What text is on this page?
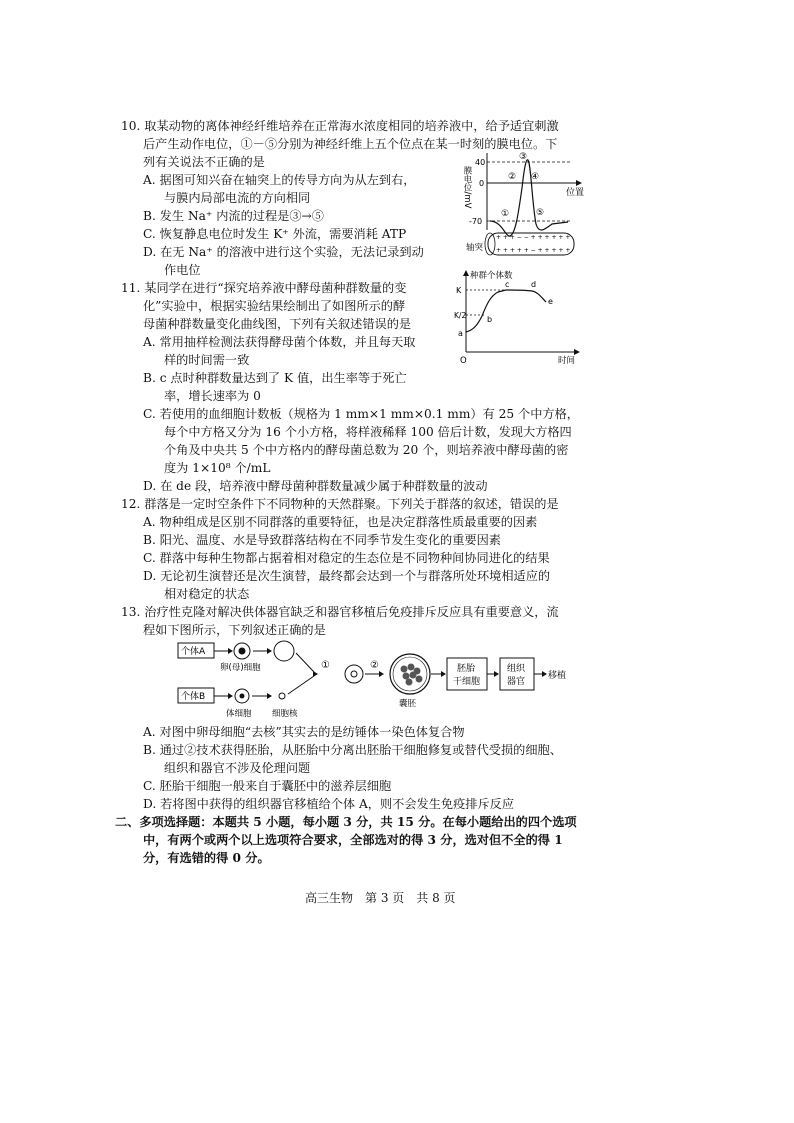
10. 取某动物的离体神经纤维培养在正常海水浓度相同的培养液中，给予适宜刺激
后产生动作电位，①－⑤分别为神经纤维上五个位点在某一时刻的膜电位。下
列有关说法不正确的是
A. 据图可知兴奋在轴突上的传导方向为从左到右，
与膜内局部电流的方向相同
B. 发生 Na⁺ 内流的过程是③→⑤
C. 恢复静息电位时发生 K⁺ 外流，需要消耗 ATP
D. 在无 Na⁺ 的溶液中进行这个实验，无法记录到动
作电位
膜电位/mV
40
0
-70
位置
①
②
③
④
⑤
轴突
+ + + − − + + + + + +
+ + + + + − + + + + +
11. 某同学在进行“探究培养液中酵母菌种群数量的变
化”实验中，根据实验结果绘制出了如图所示的酵
母菌种群数量变化曲线图，下列有关叙述错误的是
A. 常用抽样检测法获得酵母菌个体数，并且每天取
样的时间需一致
B. c 点时种群数量达到了 K 值，出生率等于死亡
率，增长速率为 0
C. 若使用的血细胞计数板（规格为 1 mm×1 mm×0.1 mm）有 25 个中方格，
每个中方格又分为 16 个小方格，将样液稀释 100 倍后计数，发现大方格四
个角及中央共 5 个中方格内的酵母菌总数为 20 个，则培养液中酵母菌的密
度为 1×10⁸ 个/mL
D. 在 de 段，培养液中酵母菌种群数量减少属于种群数量的波动
种群个体数
时间
O
K
K/2
a
b
c	d
e
12. 群落是一定时空条件下不同物种的天然群聚。下列关于群落的叙述，错误的是
A. 物种组成是区别不同群落的重要特征，也是决定群落性质最重要的因素
B. 阳光、温度、水是导致群落结构在不同季节发生变化的重要因素
C. 群落中每种生物都占据着相对稳定的生态位是不同物种间协同进化的结果
D. 无论初生演替还是次生演替，最终都会达到一个与群落所处环境相适应的
相对稳定的状态
13. 治疗性克隆对解决供体器官缺乏和器官移植后免疫排斥反应具有重要意义，流
程如下图所示，下列叙述正确的是
个体A
卵(母)细胞
个体B
体细胞 细胞核
①	②
囊胚
胚胎
干细胞
组织
器官
移植
A. 对图中卵母细胞“去核”其实去的是纺锤体一染色体复合物
B. 通过②技术获得胚胎，从胚胎中分离出胚胎干细胞修复或替代受损的细胞、
组织和器官不涉及伦理问题
C. 胚胎干细胞一般来自于囊胚中的滋养层细胞
D. 若将图中获得的组织器官移植给个体 A，则不会发生免疫排斥反应
二、多项选择题：本题共 5 小题，每小题 3 分，共 15 分。在每小题给出的四个选项
中，有两个或两个以上选项符合要求，全部选对的得 3 分，选对但不全的得 1
分，有选错的得 0 分。
高三生物　第 3 页　共 8 页
